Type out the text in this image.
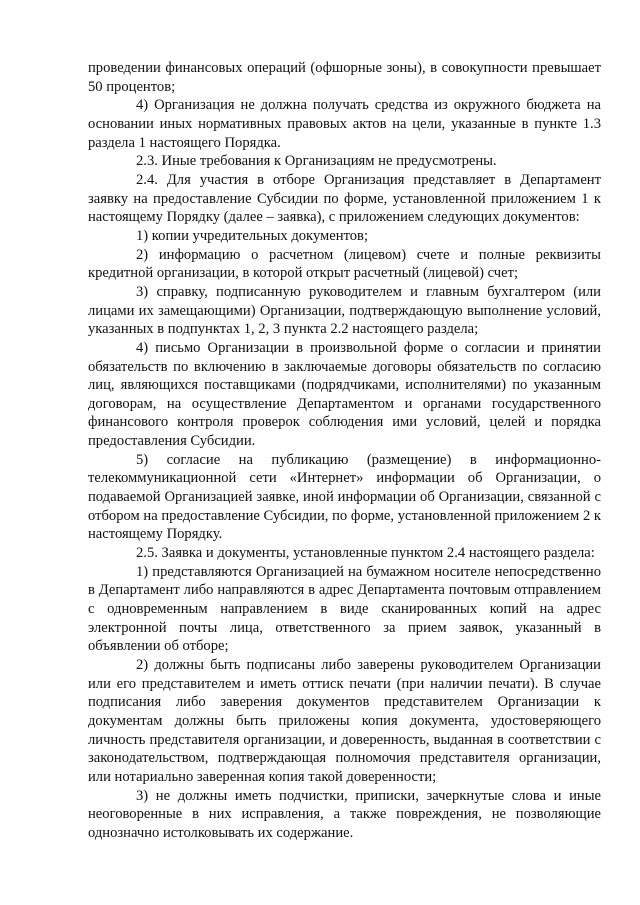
проведении финансовых операций (офшорные зоны), в совокупности превышает 50 процентов;

4) Организация не должна получать средства из окружного бюджета на основании иных нормативных правовых актов на цели, указанные в пункте 1.3 раздела 1 настоящего Порядка.

2.3. Иные требования к Организациям не предусмотрены.

2.4. Для участия в отборе Организация представляет в Департамент заявку на предоставление Субсидии по форме, установленной приложением 1 к настоящему Порядку (далее – заявка), с приложением следующих документов:

1) копии учредительных документов;

2) информацию о расчетном (лицевом) счете и полные реквизиты кредитной организации, в которой открыт расчетный (лицевой) счет;

3) справку, подписанную руководителем и главным бухгалтером (или лицами их замещающими) Организации, подтверждающую выполнение условий, указанных в подпунктах 1, 2, 3 пункта 2.2 настоящего раздела;

4) письмо Организации в произвольной форме о согласии и принятии обязательств по включению в заключаемые договоры обязательств по согласию лиц, являющихся поставщиками (подрядчиками, исполнителями) по указанным договорам, на осуществление Департаментом и органами государственного финансового контроля проверок соблюдения ими условий, целей и порядка предоставления Субсидии.

5) согласие на публикацию (размещение) в информационно-телекоммуникационной сети «Интернет» информации об Организации, о подаваемой Организацией заявке, иной информации об Организации, связанной с отбором на предоставление Субсидии, по форме, установленной приложением 2 к настоящему Порядку.

2.5. Заявка и документы, установленные пунктом 2.4 настоящего раздела:

1) представляются Организацией на бумажном носителе непосредственно в Департамент либо направляются в адрес Департамента почтовым отправлением с одновременным направлением в виде сканированных копий на адрес электронной почты лица, ответственного за прием заявок, указанный в объявлении об отборе;

2) должны быть подписаны либо заверены руководителем Организации или его представителем и иметь оттиск печати (при наличии печати). В случае подписания либо заверения документов представителем Организации к документам должны быть приложены копия документа, удостоверяющего личность представителя организации, и доверенность, выданная в соответствии с законодательством, подтверждающая полномочия представителя организации, или нотариально заверенная копия такой доверенности;

3) не должны иметь подчистки, приписки, зачеркнутые слова и иные неоговоренные в них исправления, а также повреждения, не позволяющие однозначно истолковывать их содержание.
